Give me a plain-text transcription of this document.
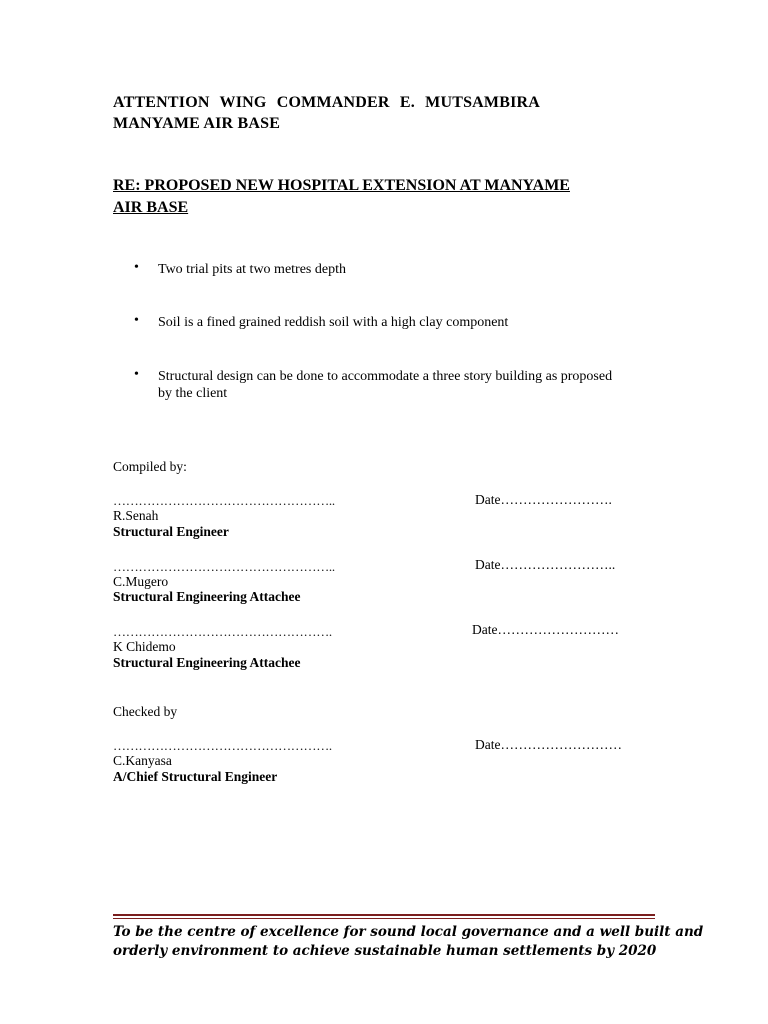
ATTENTION WING COMMANDER E. MUTSAMBIRA
MANYAME AIR BASE
RE: PROPOSED NEW HOSPITAL EXTENSION AT MANYAME
AIR BASE
• Two trial pits at two metres depth
• Soil is a fined grained reddish soil with a high clay component
• Structural design can be done to accommodate a three story building as proposed
by the client
Compiled by:
……………………………………………..	Date…………………….
R.Senah
Structural Engineer
……………………………………………..	Date……………………..
C.Mugero
Structural Engineering Attachee
…………………………………………….	Date………………………
K Chidemo
Structural Engineering Attachee
Checked by
…………………………………………….	Date………………………
C.Kanyasa
A/Chief Structural Engineer
To be the centre of excellence for sound local governance and a well built and
orderly environment to achieve sustainable human settlements by 2020
